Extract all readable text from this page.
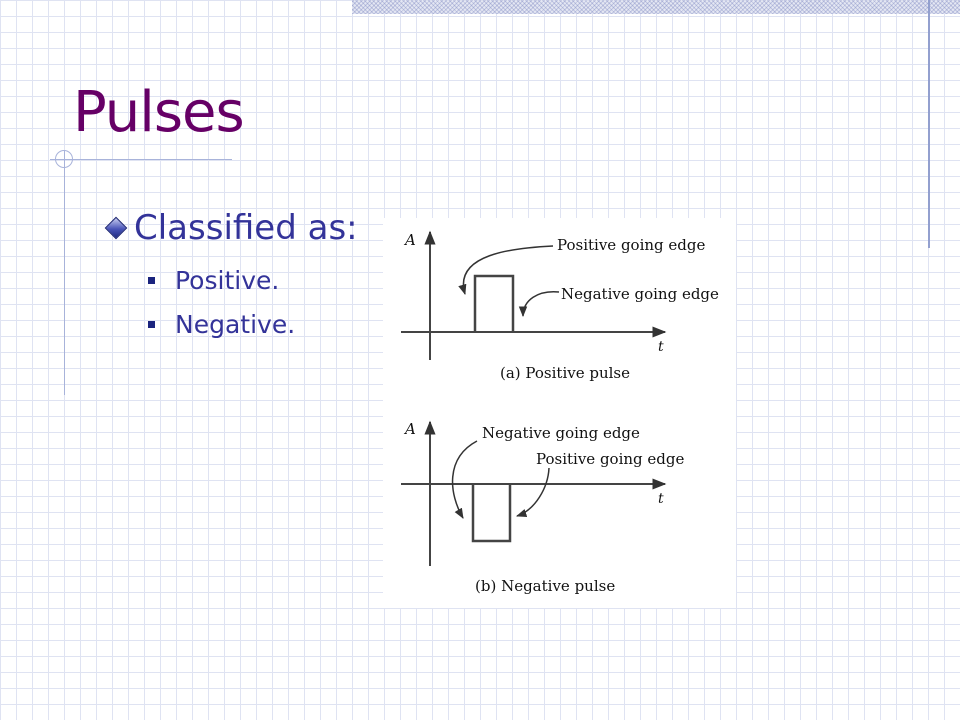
Pulses
Classified as:
Positive.
Negative.
A
t
Positive going edge
Negative going edge
(a) Positive pulse
A
t
Negative going edge
Positive going edge
(b) Negative pulse
